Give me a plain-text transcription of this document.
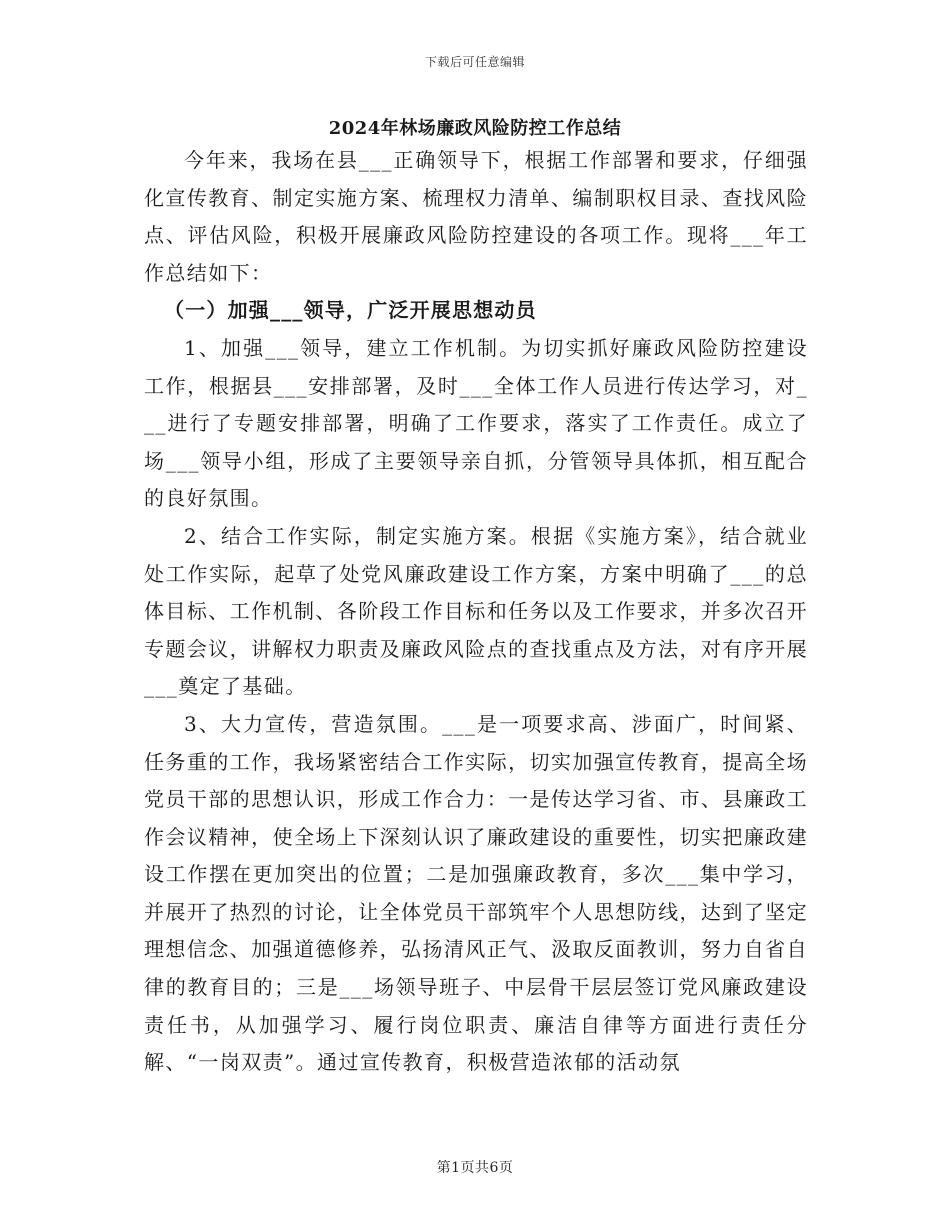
下载后可任意编辑
2024年林场廉政风险防控工作总结

今年来，我场在县___正确领导下，根据工作部署和要求，仔细强化宣传教育、制定实施方案、梳理权力清单、编制职权目录、查找风险点、评估风险，积极开展廉政风险防控建设的各项工作。现将___年工作总结如下：

（一）加强___领导，广泛开展思想动员

1、加强___领导，建立工作机制。为切实抓好廉政风险防控建设工作，根据县___安排部署，及时___全体工作人员进行传达学习，对___进行了专题安排部署，明确了工作要求，落实了工作责任。成立了场___领导小组，形成了主要领导亲自抓，分管领导具体抓，相互配合的良好氛围。

2、结合工作实际，制定实施方案。根据《实施方案》，结合就业处工作实际，起草了处党风廉政建设工作方案，方案中明确了___的总体目标、工作机制、各阶段工作目标和任务以及工作要求，并多次召开专题会议，讲解权力职责及廉政风险点的查找重点及方法，对有序开展___奠定了基础。

3、大力宣传，营造氛围。___是一项要求高、涉面广，时间紧、任务重的工作，我场紧密结合工作实际，切实加强宣传教育，提高全场党员干部的思想认识，形成工作合力：一是传达学习省、市、县廉政工作会议精神，使全场上下深刻认识了廉政建设的重要性，切实把廉政建设工作摆在更加突出的位置；二是加强廉政教育，多次___集中学习，并展开了热烈的讨论，让全体党员干部筑牢个人思想防线，达到了坚定理想信念、加强道德修养，弘扬清风正气、汲取反面教训，努力自省自律的教育目的；三是___场领导班子、中层骨干层层签订党风廉政建设责任书，从加强学习、履行岗位职责、廉洁自律等方面进行责任分解、“一岗双责”。通过宣传教育，积极营造浓郁的活动氛

第1页共6页
